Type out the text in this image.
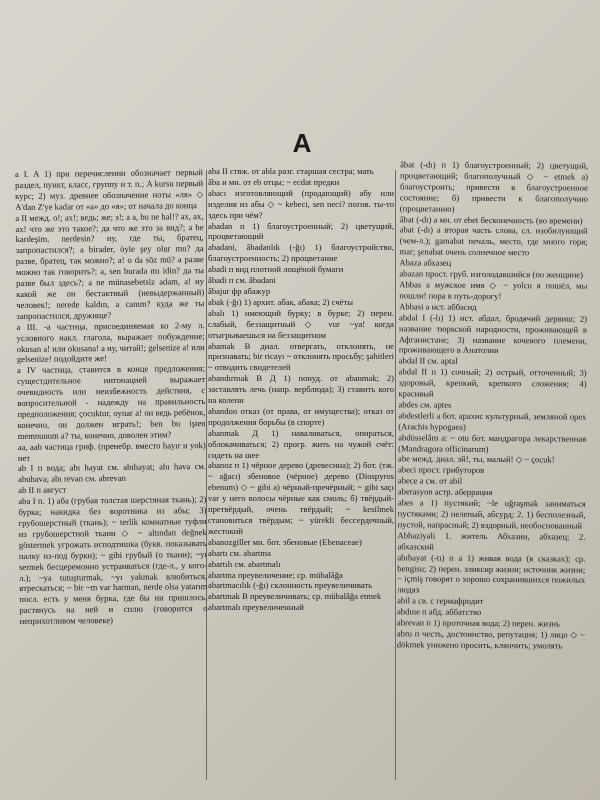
A

a I. A 1) при перечислении обозначает первый раздел, пункт, класс, группу и т. п.; A kursu первый курс; 2) муз. древнее обозначение ноты «ля» ◇ A'dan Z'ye kadar от «а» до «я»; от начала до конца

a II межд. о!; ах!; ведь; же; э!; a a, bu ne hal!? ах, ах, ах! что же это такое?; да что же это за вид?; a be kardeşim, nerdesin? ну, где ты, братец, запропастился?; a birader, öyle şey olur mu? да разве, братец, так можно?; a! o da söz mü? а разве можно так говорить?; a, sen burada mı idin? да ты разве был здесь?; a ne münasebetsiz adam, a! ну какой же он бестактный (невыдержанный) человек!; nerede kaldın, a canım? куда же ты запропастился, дружище?

a III. -a частица, присоединяемая ко 2-му л. условного накл. глагола, выражает побуждение; okusan a! или okusana! а ну, читай!; gelsenize a! или gelsenize! подойдите же!

a IV частица, ставится в конце предложения; сущестдительное интонацией выражает очевидность или неизбежность действия, с вопросительной - надежду на правильность предположения; çocuktur, oynar a! он ведь ребёнок, конечно, он должен играть!; ben bu işten memnunum a? ты, конечно, доволен этим?

aa, aah частица гриф. (пренебр. вместо hayır и yok) нет

ab I п вода; abı hayat см. abıhayat; abı hava см. abuhava; abı revan см. abrevan

ab II п август

aba I п. 1) аба (грубая толстая шерстяная ткань); 2) бурка; накидка без воротника из абы; 3) грубошерстный (ткань); ~ terlik комнатные туфли из грубошерстной ткани ◇ ~ altından değnek göstermek угрожать исподтишка (букв. показывать палку из-под бурки); ~ gibi грубый (о ткани); ~yı sermek бесцеремонно устраиваться (где-л., у кого-л.); ~ya tutuşturmak, ~yı yakmak влюбиться, втрескаться; ~ bir ~m var harman, nerde olsa yatarım посл. есть у меня бурка, где бы ни пришлось, растянусь на ней и сплю (говорится о неприхотливом человеке)

aba II стяж. от abla разг. старшая сестра; мать

âba и мн. от eb отцы; ~ ecdat предки

abacı изготовляющий (продающий) абу или изделия из абы ◇ ~ kebeci, sen neci? погов. ты-то здесь при чём?

abadan п 1) благоустроенный; 2) цветущий, процветающий

abadani, âbadanlık (-ğı) 1) благоустройство, благоустроенность; 2) процветание

abadi п вид плотной лощёной бумаги

âbadi п см. âbadani

âbajur фр абажур

abak (-ğı) 1) архит. абак, абака; 2) счёты

abalı 1) имеющий бурку; в бурке; 2) перен. слабый, беззащитный ◇ vur ~ya! когда отыгрываешься на беззащитном

abamak В диал. отвергать, отклонять, не признавать; bir ricayı ~ отклонять просьбу; şahitleri ~ отводить свидетелей

abandırmak В Д 1) понуд. от abanmak; 2) заставлять лечь (напр. верблюда); 3) ставить кого на колени

abandon отказ (от права, от имущества); отказ от продолжения борьбы (в спорте)

abanmak Д 1) наваливаться, опираться, облокачиваться; 2) прогр. жить на чужой счёт: сидеть на шее

abanoz п 1) чёрное дерево (древесина); 2) бот. (тж. ~ ağacı) эбеновое (чёрное) дерево (Diospyros ebenum) ◇ ~ gibi a) чёрный-пречёрный; ~ gibi saçı var у него волосы чёрные как смоль; б) твёрдый-претвёрдый, очень твёрдый; ~ kesilmek становиться твёрдым; ~ yürekli бессердечный, жестокий

abanozgiller мн. бот. эбеновые (Ebenaceae)

abartı см. abartma

abartılı см. abartmalı

abartma преувеличение; ср. mübalâğa

abartmacılık (-ğı) склонность преувеличивать

abartmak В преувеличивать; ср. mübalâğa etmek

abartmalı преувеличенный

âbat (-dı) п 1) благоустроенный; 2) цветущий, процветающий; благополучный ◇ ~ etmek а) благоустроить; привести в благоустроенное состояние; б) привести к благополучию (процветанию)

âbat (-dı) а мн. от ebet бесконечность (во времени)

abat (-dı) а вторая часть слова, сл. изобилующий (чем-л.); gamabat печаль, место, где много горя; mar; şenabat очень солнечное место

Abaza абхазец

abazan прост. груб. изголодавшийся (по женщине)

Abbas а мужское имя ◇ ~ yolcu я пошёл, мы пошли! пора в путь-дорогу!

Abbasi а ист. аббасид

abdal I (-lı) 1) ист. абдал, бродячий дервиш; 2) название тюркской народности, проживающей в Афганистане; 3) название кочевого племени, проживающего в Анатолии

abdal II см. aptal

abdal II п 1) сочный; 2) острый, отточенный; 3) здоровый, крепкий, крепкого сложения; 4) красивый

abdes см. aptes

abdestlerli а бот. арахис культурный, земляной орех (Arachis hypogaea)

abdüsselâm а: ~ otu бот. мандрагора лекарственная (Mandragora officinarum)

abe межд. диал. эй!, ты, малый! ◇ ~ çocuk!

abeci прост. грибуторов

abece а см. от abil

aberasyon астр. аберрация

abes а 1) пустякий; ~le uğraşmak заниматься пустяками; 2) нелепый, абсурд; 2. 1) бесполезный, пустой, напрасный; 2) вздорный, необоснованный

Abhaziyali 1. житель Абхазии, абхазец; 2. абхазский

abıhayat (-tı) п а 1) живая вода (в сказках); ср. bengisu; 2) перен. эликсир жизни; источник жизни; ~ içmiş говорят о хорошо сохранившихся пожилых людях

abil а св. с гермафродит

abdıne п абд. аббатство

abrevan п 1) проточная вода; 2) перен. жизнь

abru п честь, достоинство, репутация; 1) лицо ◇ ~ dökmek унижено просить, клянчить; умолять
